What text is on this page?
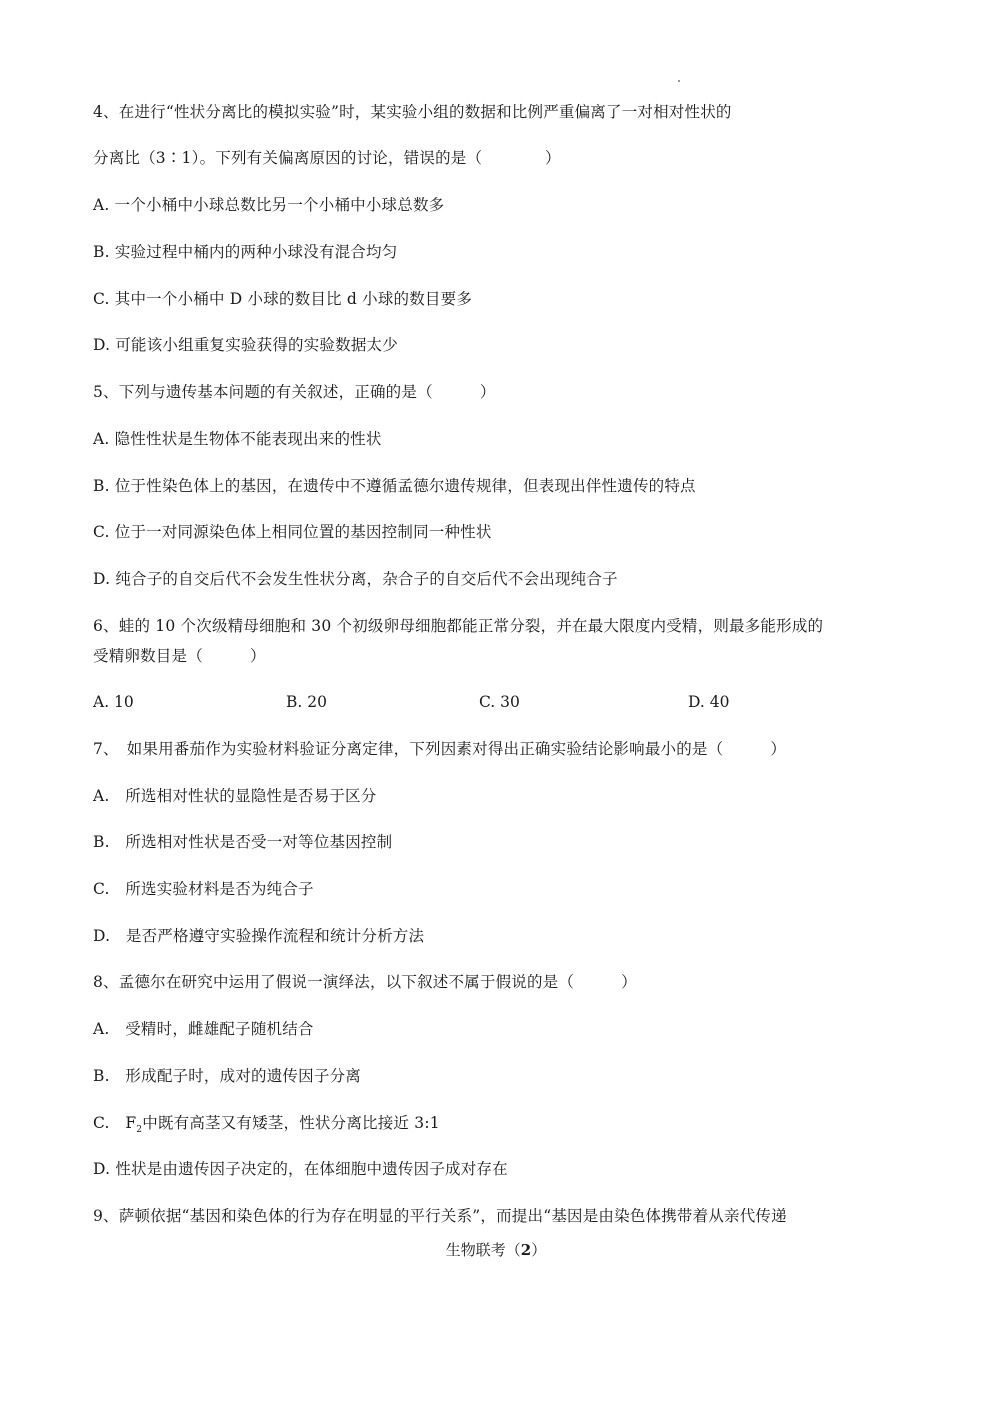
4、在进行“性状分离比的模拟实验”时，某实验小组的数据和比例严重偏离了一对相对性状的
分离比（3∶1）。下列有关偏离原因的讨论，错误的是（　　　　）
A. 一个小桶中小球总数比另一个小桶中小球总数多
B. 实验过程中桶内的两种小球没有混合均匀
C. 其中一个小桶中 D 小球的数目比 d 小球的数目要多
D. 可能该小组重复实验获得的实验数据太少
5、下列与遗传基本问题的有关叙述，正确的是（　　　）
A. 隐性性状是生物体不能表现出来的性状
B. 位于性染色体上的基因，在遗传中不遵循孟德尔遗传规律，但表现出伴性遗传的特点
C. 位于一对同源染色体上相同位置的基因控制同一种性状
D. 纯合子的自交后代不会发生性状分离，杂合子的自交后代不会出现纯合子
6、蛙的 10 个次级精母细胞和 30 个初级卵母细胞都能正常分裂，并在最大限度内受精，则最多能形成的
受精卵数目是（　　　）
A. 10	B. 20	C. 30	D. 40
7、　如果用番茄作为实验材料验证分离定律，下列因素对得出正确实验结论影响最小的是（　　　）
A.　所选相对性状的显隐性是否易于区分
B.　所选相对性状是否受一对等位基因控制
C.　所选实验材料是否为纯合子
D.　是否严格遵守实验操作流程和统计分析方法
8、孟德尔在研究中运用了假说一演绎法，以下叙述不属于假说的是（　　　）
A.　受精时，雌雄配子随机结合
B.　形成配子时，成对的遗传因子分离
C.　$F_2$中既有高茎又有矮茎，性状分离比接近 3:1
D. 性状是由遗传因子决定的，在体细胞中遗传因子成对存在
9、萨顿依据“基因和染色体的行为存在明显的平行关系”，而提出“基因是由染色体携带着从亲代传递
生物联考（2）
